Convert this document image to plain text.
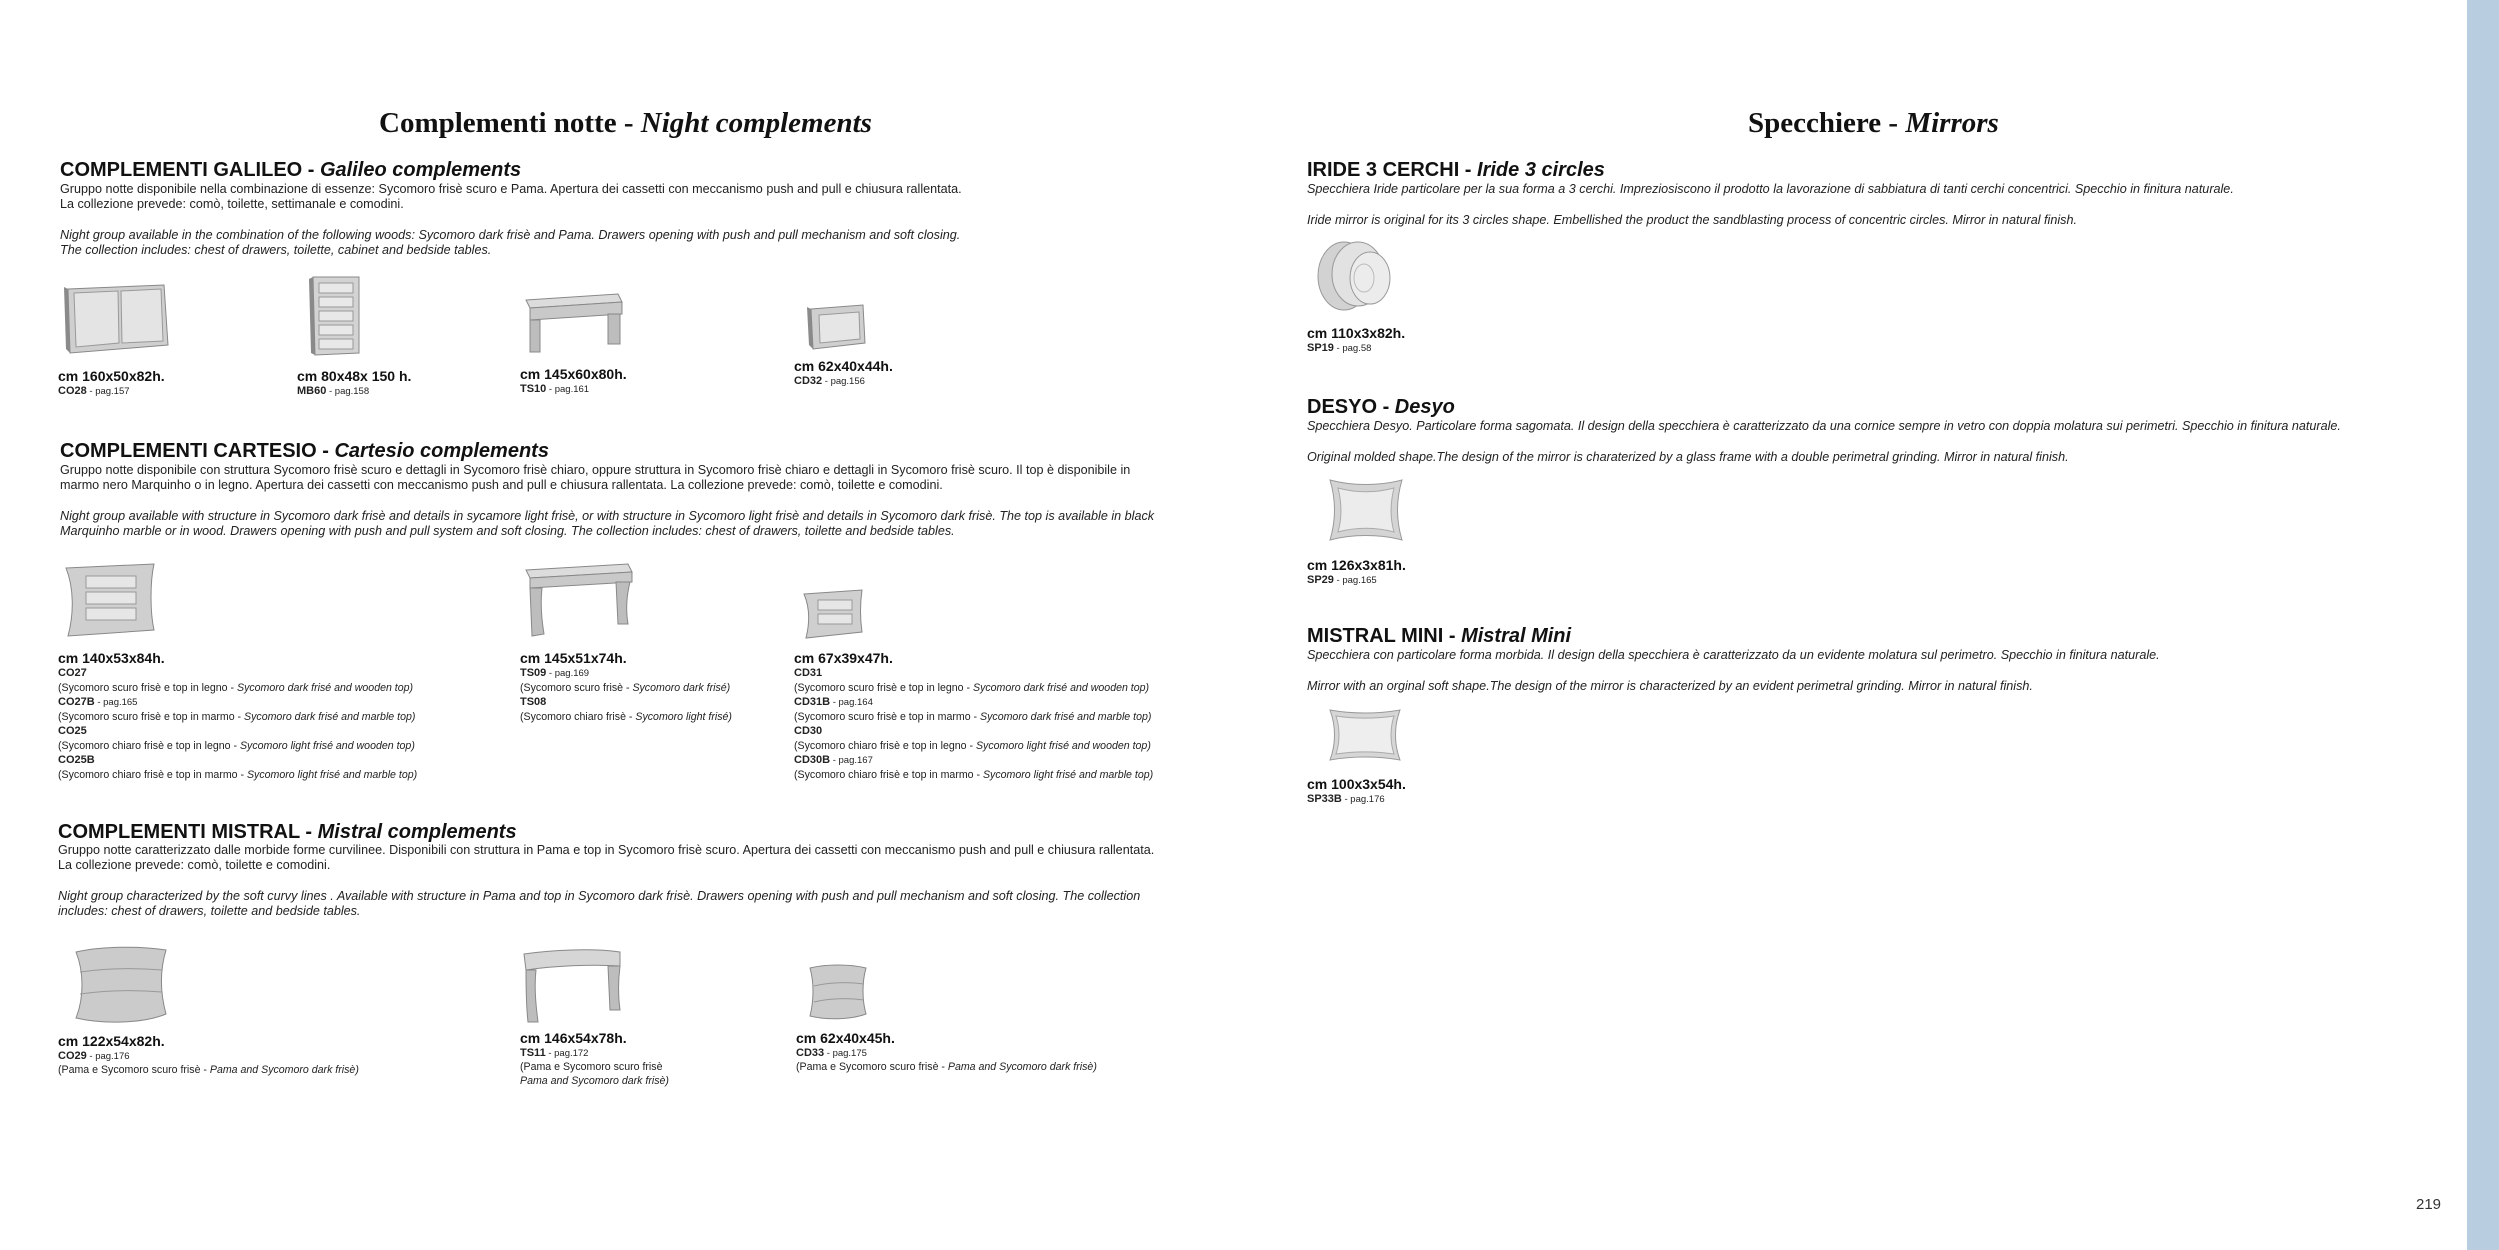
Complementi notte - Night complements
COMPLEMENTI GALILEO - Galileo complements
Gruppo notte disponibile nella combinazione di essenze: Sycomoro frisè scuro e Pama. Apertura dei cassetti con meccanismo push and pull e chiusura rallentata.
La collezione prevede: comò, toilette, settimanale e comodini.
Night group available in the combination of the following woods: Sycomoro dark frisè and Pama. Drawers opening with push and pull mechanism and soft closing.
The collection includes: chest of drawers, toilette, cabinet and bedside tables.
cm 160x50x82h.
CO28 - pag.157
cm 80x48x 150 h.
MB60 - pag.158
cm 145x60x80h.
TS10 - pag.161
cm 62x40x44h.
CD32 - pag.156
COMPLEMENTI CARTESIO - Cartesio complements
Gruppo notte disponibile con struttura Sycomoro frisè scuro e dettagli in Sycomoro frisè chiaro, oppure struttura in Sycomoro frisè chiaro e dettagli in Sycomoro frisè scuro. Il top è disponibile in
marmo nero Marquinho o in legno. Apertura dei cassetti con meccanismo push and pull e chiusura rallentata. La collezione prevede: comò, toilette e comodini.
Night group available with structure in Sycomoro dark frisè and details in sycamore light frisè, or with structure in Sycomoro light frisè and details in Sycomoro dark frisè. The top is available in black
Marquinho marble or in wood. Drawers opening with push and pull system and soft closing. The collection includes: chest of drawers, toilette and bedside tables.
cm 140x53x84h.
CO27
(Sycomoro scuro frisè e top in legno - Sycomoro dark frisé and wooden top)
CO27B - pag.165
(Sycomoro scuro frisè e top in marmo - Sycomoro dark frisé and marble top)
CO25
(Sycomoro chiaro frisè e top in legno - Sycomoro light frisé and wooden top)
CO25B
(Sycomoro chiaro frisè e top in marmo - Sycomoro light frisé and marble top)
cm 145x51x74h.
TS09 - pag.169
(Sycomoro scuro frisè - Sycomoro dark frisé)
TS08
(Sycomoro chiaro frisè - Sycomoro light frisé)
cm 67x39x47h.
CD31
(Sycomoro scuro frisè e top in legno - Sycomoro dark frisé and wooden top)
CD31B - pag.164
(Sycomoro scuro frisè e top in marmo - Sycomoro dark frisé and marble top)
CD30
(Sycomoro chiaro frisè e top in legno - Sycomoro light frisé and wooden top)
CD30B - pag.167
(Sycomoro chiaro frisè e top in marmo - Sycomoro light frisé and marble top)
COMPLEMENTI MISTRAL - Mistral complements
Gruppo notte caratterizzato dalle morbide forme curvilinee. Disponibili con struttura in Pama e top in Sycomoro frisè scuro. Apertura dei cassetti con meccanismo push and pull e chiusura rallentata.
La collezione prevede: comò, toilette e comodini.
Night group characterized by the soft curvy lines . Available with structure in Pama and top in Sycomoro dark frisè. Drawers opening with push and pull mechanism and soft closing. The collection
includes: chest of drawers, toilette and bedside tables.
cm 122x54x82h.
CO29 - pag.176
(Pama e Sycomoro scuro frisè - Pama and Sycomoro dark frisè)
cm 146x54x78h.
TS11 - pag.172
(Pama e Sycomoro scuro frisè
Pama and Sycomoro dark frisè)
cm 62x40x45h.
CD33 - pag.175
(Pama e Sycomoro scuro frisè - Pama and Sycomoro dark frisè)
Specchiere - Mirrors
IRIDE 3 CERCHI - Iride 3 circles
Specchiera Iride particolare per la sua forma a 3 cerchi. Impreziosiscono il prodotto la lavorazione di sabbiatura di tanti cerchi concentrici. Specchio in finitura naturale.
Iride mirror is original for its 3 circles shape. Embellished the product the sandblasting process of concentric circles. Mirror in natural finish.
cm 110x3x82h.
SP19 - pag.58
DESYO - Desyo
Specchiera Desyo. Particolare forma sagomata. Il design della specchiera è caratterizzato da una cornice sempre in vetro con doppia molatura sui perimetri. Specchio in finitura naturale.
Original molded shape.The design of the mirror is charaterized by a glass frame with a double perimetral grinding. Mirror in natural finish.
cm 126x3x81h.
SP29 - pag.165
MISTRAL MINI - Mistral Mini
Specchiera con particolare forma morbida. Il design della specchiera è caratterizzato da un evidente molatura sul perimetro. Specchio in finitura naturale.
Mirror with an orginal soft shape.The design of the mirror is characterized by an evident perimetral grinding. Mirror in natural finish.
cm 100x3x54h.
SP33B - pag.176
219
